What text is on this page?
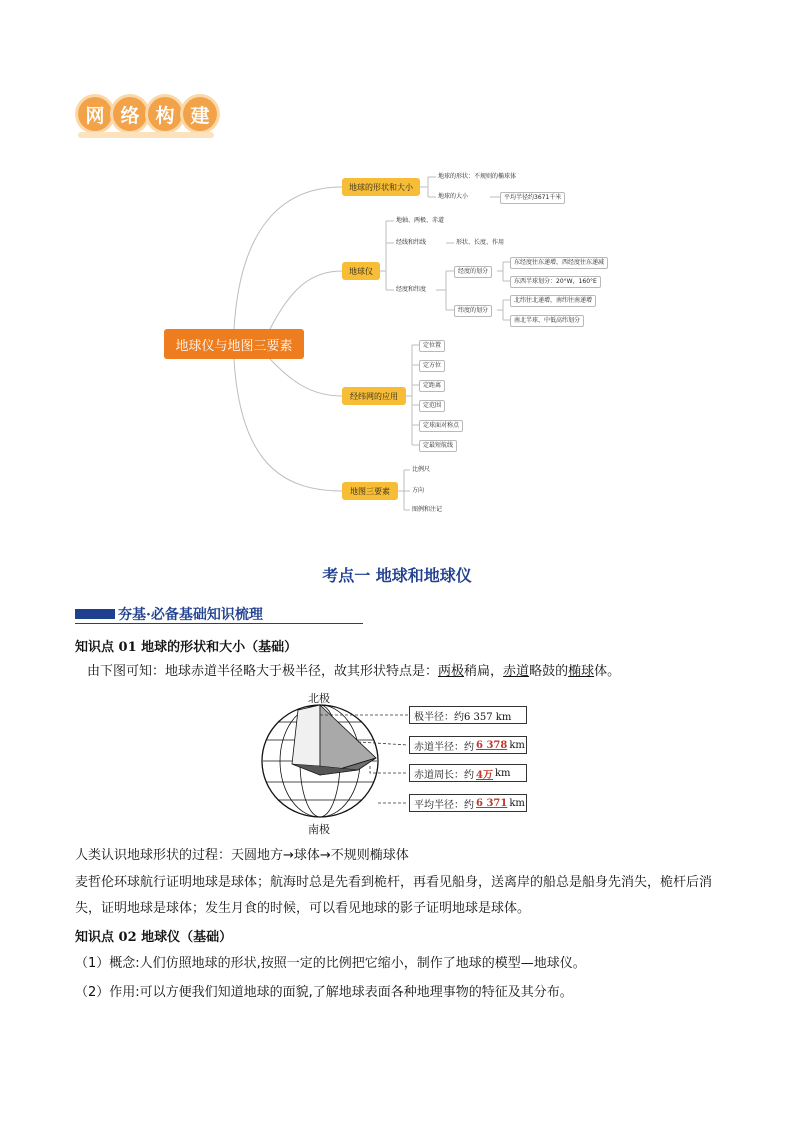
网 络 构 建
地球仪与地图三要素
地球的形状和大小
地球的形状：不规则的椭球体
地球的大小	平均半径约3671千米
地球仪
地轴、两极、赤道
经线和纬线	形状、长度、作用
经度和纬度
经度的划分
东经度往东递增，西经度往东递减
东西半球划分：20°W，160°E
纬度的划分
北纬往北递增，南纬往南递增
南北半球、中低高纬划分
经纬网的应用
定位置
定方位
定距离
定范围
定球面对称点
定最短航线
地图三要素
比例尺
方向
图例和注记
考点一 地球和地球仪
夯基·必备基础知识梳理
知识点 01 地球的形状和大小（基础）
由下图可知：地球赤道半径略大于极半径，故其形状特点是：两极稍扁，赤道略鼓的椭球体。
北极
南极
极半径：约6 357 km
赤道半径：约 6 378 km
赤道周长：约 4万 km
平均半径：约 6 371 km
人类认识地球形状的过程：天圆地方→球体→不规则椭球体
麦哲伦环球航行证明地球是球体；航海时总是先看到桅杆，再看见船身，送离岸的船总是船身先消失，桅杆后消失，证明地球是球体；发生月食的时候，可以看见地球的影子证明地球是球体。
知识点 02 地球仪（基础）
（1）概念:人们仿照地球的形状,按照一定的比例把它缩小，制作了地球的模型—地球仪。
（2）作用:可以方便我们知道地球的面貌,了解地球表面各种地理事物的特征及其分布。
